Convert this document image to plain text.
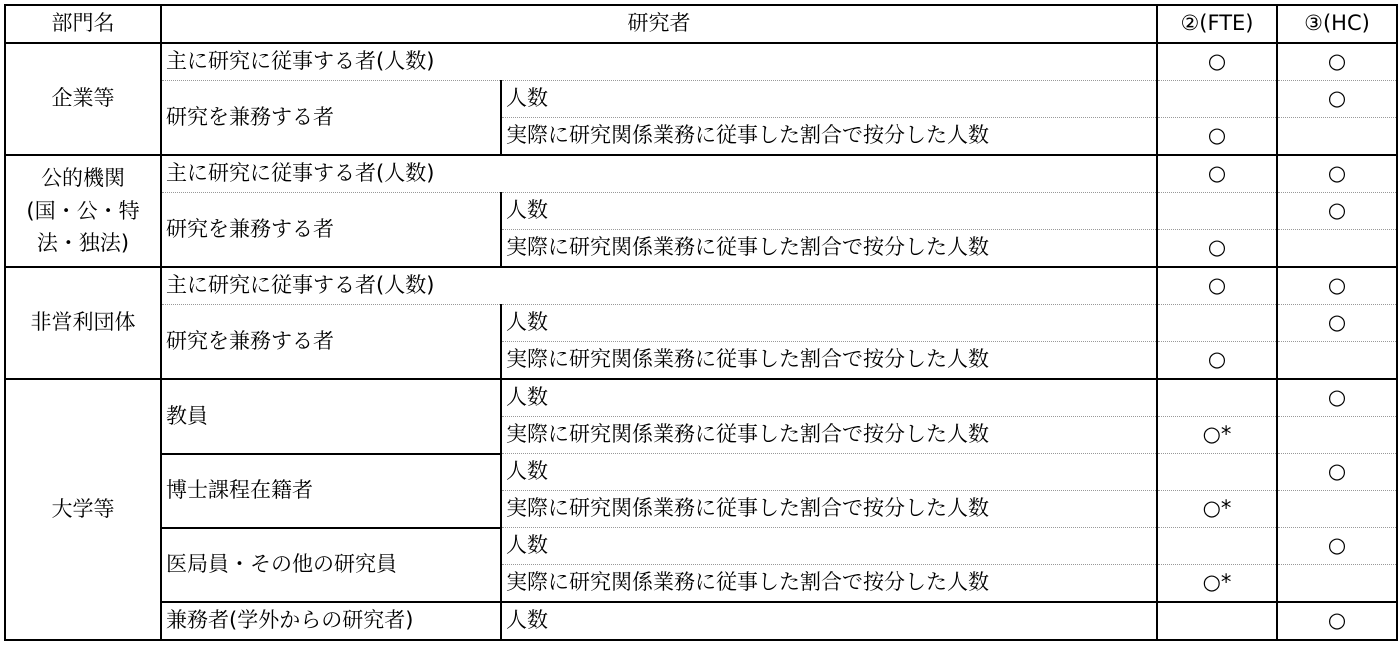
部門名	研究者		②(FTE)	③(HC)
企業等	主に研究に従事する者(人数)		○	○
	研究を兼務する者	人数		○
		実際に研究関係業務に従事した割合で按分した人数	○	

公的機関
(国・公・特
法・独法)	主に研究に従事する者(人数)		○	○
	研究を兼務する者	人数		○
		実際に研究関係業務に従事した割合で按分した人数	○	
非営利団体	主に研究に従事する者(人数)		○	○
	研究を兼務する者	人数		○
		実際に研究関係業務に従事した割合で按分した人数	○	
大学等	教員	人数		○
		実際に研究関係業務に従事した割合で按分した人数	○*	
	博士課程在籍者	人数		○
		実際に研究関係業務に従事した割合で按分した人数	○*	
	医局員・その他の研究員	人数		○
		実際に研究関係業務に従事した割合で按分した人数	○*	
	兼務者(学外からの研究者)	人数		○
